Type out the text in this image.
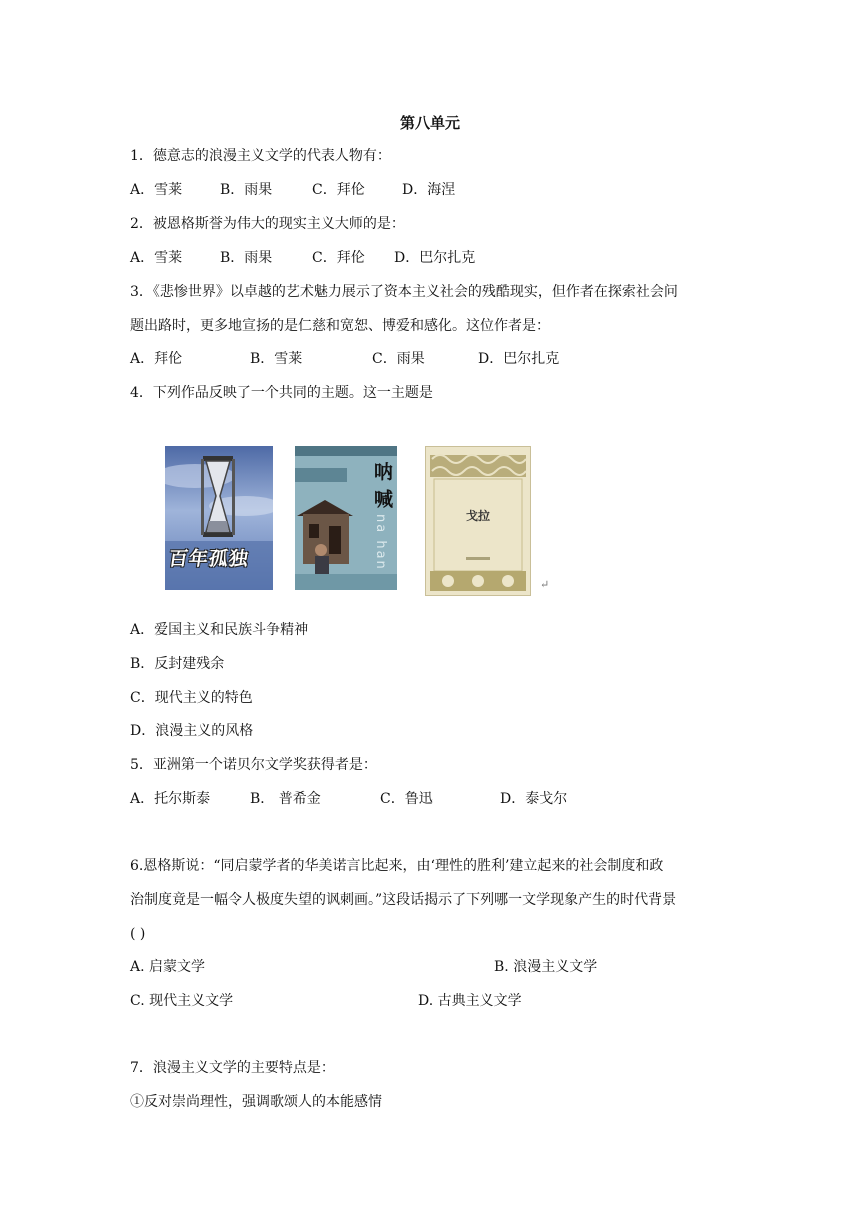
第八单元
1．德意志的浪漫主义文学的代表人物有：
A．雪莱	B．雨果	C．拜伦	D．海涅
2．被恩格斯誉为伟大的现实主义大师的是：
A．雪莱	B．雨果	C．拜伦 D．巴尔扎克
3．《悲惨世界》以卓越的艺术魅力展示了资本主义社会的残酷现实，但作者在探索社会问
题出路时，更多地宣扬的是仁慈和宽恕、博爱和感化。这位作者是：
A．拜伦	B．雪莱	C．雨果	D．巴尔扎克
4．下列作品反映了一个共同的主题。这一主题是
百年孤独
呐喊
na han	戈拉
↵
A．爱国主义和民族斗争精神
B．反封建残余
C．现代主义的特色
D．浪漫主义的风格
5．亚洲第一个诺贝尔文学奖获得者是：
A．托尔斯泰	B． 普希金	C．鲁迅	D．泰戈尔
6.恩格斯说：“同启蒙学者的华美诺言比起来，由‘理性的胜利’建立起来的社会制度和政
治制度竟是一幅令人极度失望的讽刺画。”这段话揭示了下列哪一文学现象产生的时代背景
( )
A. 启蒙文学	B. 浪漫主义文学
C. 现代主义文学	D. 古典主义文学
7．浪漫主义文学的主要特点是：
①反对崇尚理性，强调歌颂人的本能感情
